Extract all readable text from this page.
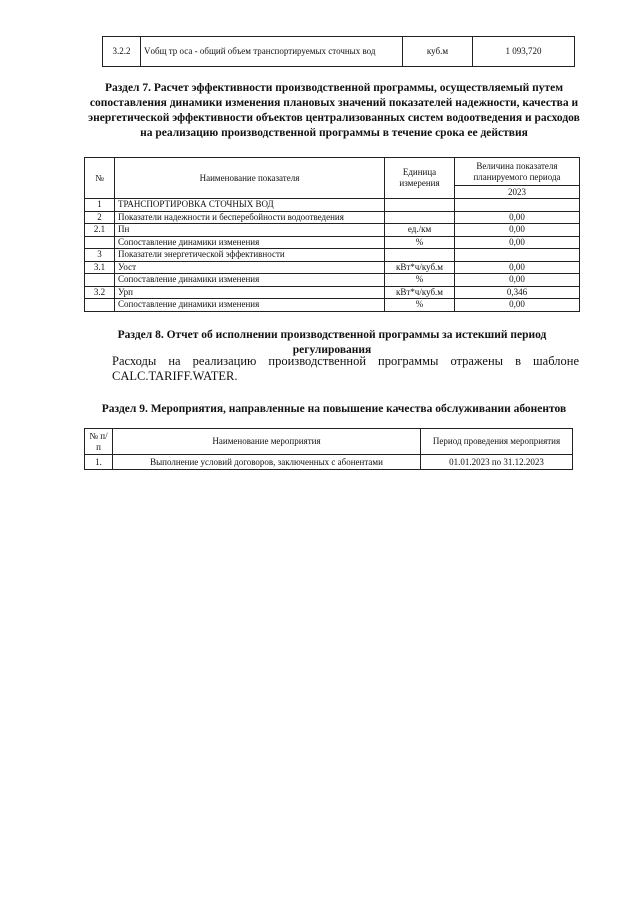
3.2.2	Vобщ тр оса - общий объем транспортируемых сточных вод	куб.м	1 093,720
Раздел 7. Расчет эффективности производственной программы, осуществляемый путем сопоставления динамики изменения плановых значений показателей надежности, качества и энергетической эффективности объектов централизованных систем водоотведения и расходов на реализацию производственной программы в течение срока ее действия
№	Наименование показателя	Единица измерения	Величина показателя планируемого периода

			2023
1	ТРАНСПОРТИРОВКА СТОЧНЫХ ВОД		
2	Показатели надежности и бесперебойности водоотведения		0,00
2.1	Пн	ед./км	0,00
	Сопоставление динамики изменения	%	0,00
3	Показатели энергетической эффективности		
3.1	Уост	кВт*ч/куб.м	0,00
	Сопоставление динамики изменения	%	0,00
3.2	Урп	кВт*ч/куб.м	0,346
	Сопоставление динамики изменения	%	0,00
Раздел 8. Отчет об исполнении производственной программы за истекший период регулирования
Расходы на реализацию производственной программы отражены в шаблоне
CALC.TARIFF.WATER.
Раздел 9. Мероприятия, направленные на повышение качества обслуживании абонентов
№ п/п	Наименование мероприятия	Период проведения мероприятия
1.	Выполнение условий договоров, заключенных с абонентами	01.01.2023 по 31.12.2023
